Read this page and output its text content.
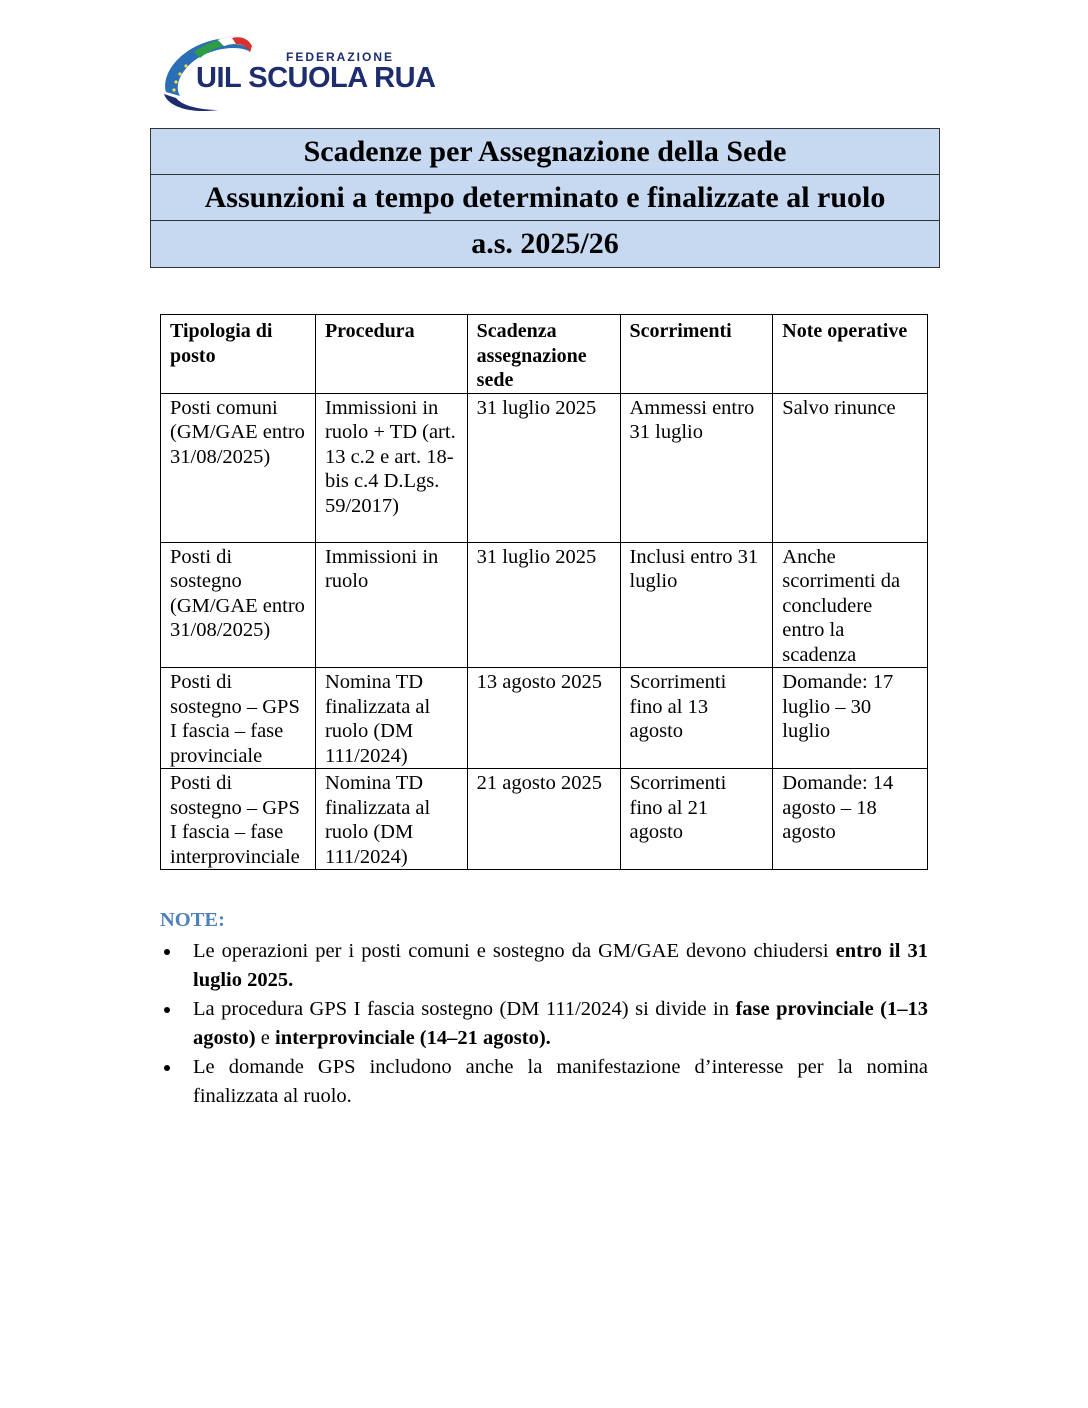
FEDERAZIONE
UIL SCUOLA RUA
Scadenze per Assegnazione della Sede
Assunzioni a tempo determinato e finalizzate al ruolo
a.s. 2025/26
Tipologia di posto	Procedura	Scadenza assegnazione sede	Scorrimenti	Note operative
Posti comuni (GM/GAE entro 31/08/2025)	Immissioni in ruolo + TD (art. 13 c.2 e art. 18-bis c.4 D.Lgs. 59/2017)	31 luglio 2025	Ammessi entro 31 luglio	Salvo rinunce
Posti di sostegno (GM/GAE entro 31/08/2025)	Immissioni in ruolo	31 luglio 2025	Inclusi entro 31 luglio	Anche scorrimenti da concludere entro la scadenza
Posti di sostegno – GPS I fascia – fase provinciale	Nomina TD finalizzata al ruolo (DM 111/2024)	13 agosto 2025	Scorrimenti fino al 13 agosto	Domande: 17 luglio – 30 luglio
Posti di sostegno – GPS I fascia – fase interprovinciale	Nomina TD finalizzata al ruolo (DM 111/2024)	21 agosto 2025	Scorrimenti fino al 21 agosto	Domande: 14 agosto – 18 agosto
NOTE:
Le operazioni per i posti comuni e sostegno da GM/GAE devono chiudersi entro il 31 luglio 2025.
La procedura GPS I fascia sostegno (DM 111/2024) si divide in fase provinciale (1–13 agosto) e interprovinciale (14–21 agosto).
Le domande GPS includono anche la manifestazione d’interesse per la nomina finalizzata al ruolo.
